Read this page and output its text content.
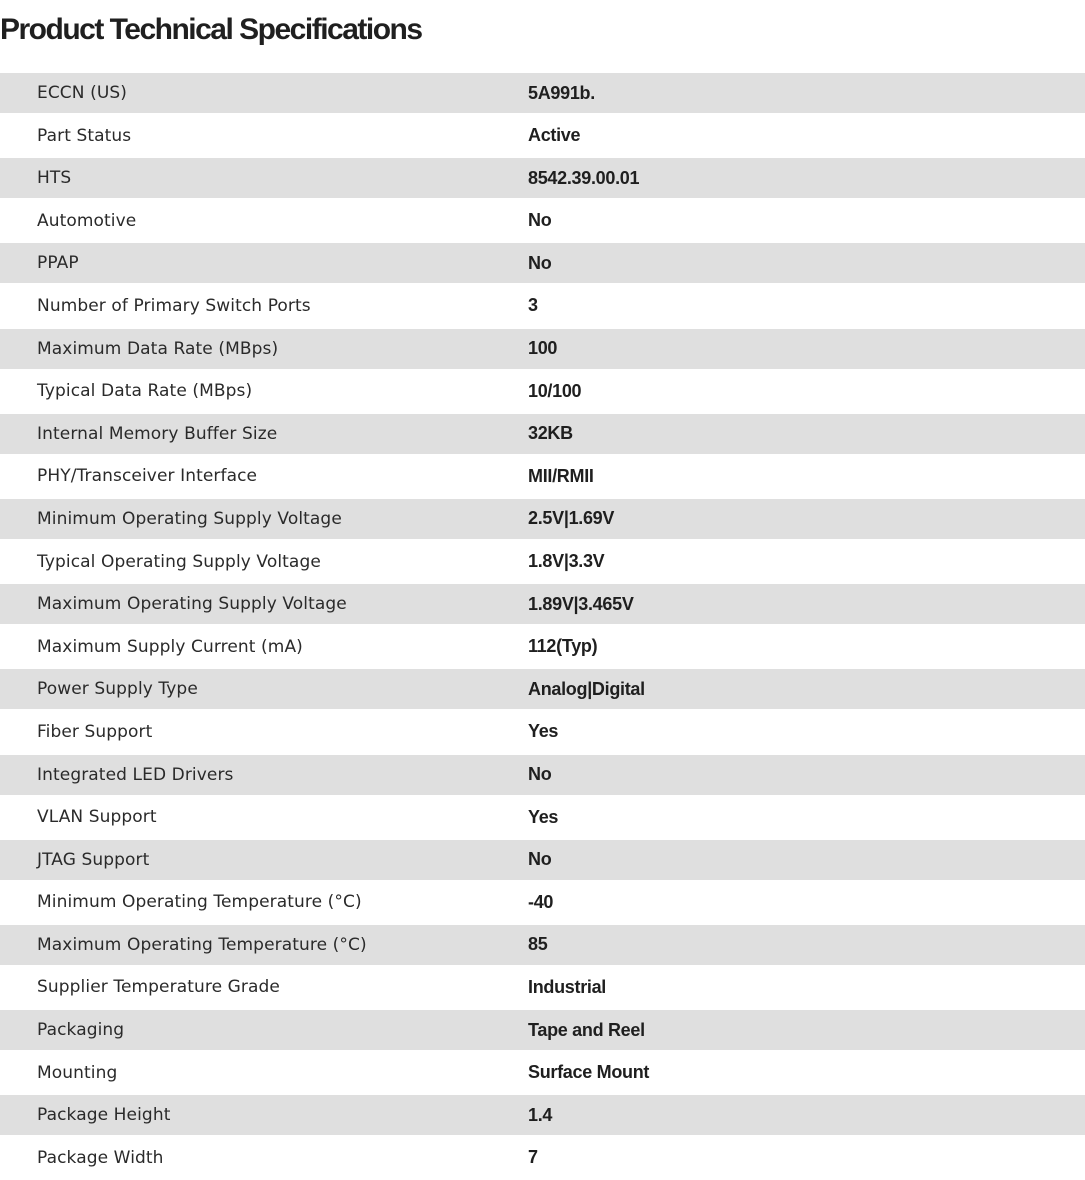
Product Technical Specifications
ECCN (US)	5A991b.
Part Status	Active
HTS	8542.39.00.01
Automotive	No
PPAP	No
Number of Primary Switch Ports	3
Maximum Data Rate (MBps)	100
Typical Data Rate (MBps)	10/100
Internal Memory Buffer Size	32KB
PHY/Transceiver Interface	MII/RMII
Minimum Operating Supply Voltage	2.5V|1.69V
Typical Operating Supply Voltage	1.8V|3.3V
Maximum Operating Supply Voltage	1.89V|3.465V
Maximum Supply Current (mA)	112(Typ)
Power Supply Type	Analog|Digital
Fiber Support	Yes
Integrated LED Drivers	No
VLAN Support	Yes
JTAG Support	No
Minimum Operating Temperature (°C)	-40
Maximum Operating Temperature (°C)	85
Supplier Temperature Grade	Industrial
Packaging	Tape and Reel
Mounting	Surface Mount
Package Height	1.4
Package Width	7
